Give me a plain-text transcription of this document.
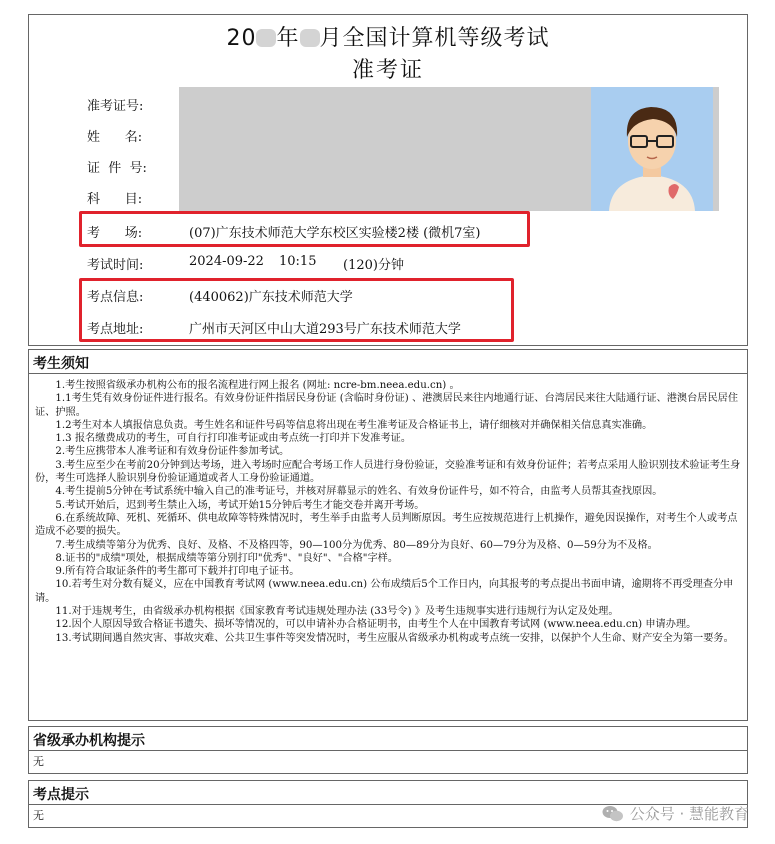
20 年 月全国计算机等级考试
准考证
准考证号:
姓      名:
证  件  号:
科      目:
考      场:	(07)广东技术师范大学东校区实验楼2楼 (微机7室)
考试时间:	2024-09-22 10:15 (120)分钟
考点信息:	(440062)广东技术师范大学
考点地址:	广州市天河区中山大道293号广东技术师范大学
考生须知

1.考生按照省级承办机构公布的报名流程进行网上报名 (网址: ncre-bm.neea.edu.cn) 。

1.1考生凭有效身份证件进行报名。有效身份证件指居民身份证 (含临时身份证) 、港澳居民来往内地通行证、台湾居民来往大陆通行证、港澳台居民居住证、护照。

1.2考生对本人填报信息负责。考生姓名和证件号码等信息将出现在考生准考证及合格证书上，请仔细核对并确保相关信息真实准确。

1.3 报名缴费成功的考生，可自行打印准考证或由考点统一打印并下发准考证。

2.考生应携带本人准考证和有效身份证件参加考试。

3.考生应至少在考前20分钟到达考场，进入考场时应配合考场工作人员进行身份验证，交验准考证和有效身份证件；若考点采用人脸识别技术验证考生身份，考生可选择人脸识别身份验证通道或者人工身份验证通道。

4.考生提前5分钟在考试系统中输入自己的准考证号，并核对屏幕显示的姓名、有效身份证件号，如不符合，由监考人员帮其查找原因。

5.考试开始后，迟到考生禁止入场，考试开始15分钟后考生才能交卷并离开考场。

6.在系统故障、死机、死循环、供电故障等特殊情况时，考生举手由监考人员判断原因。考生应按规范进行上机操作，避免因误操作，对考生个人或考点造成不必要的损失。

7.考生成绩等第分为优秀、良好、及格、不及格四等，90—100分为优秀、80—89分为良好、60—79分为及格、0—59分为不及格。

8.证书的"成绩"项处，根据成绩等第分别打印"优秀"、"良好"、"合格"字样。

9.所有符合取证条件的考生都可下载并打印电子证书。

10.若考生对分数有疑义，应在中国教育考试网 (www.neea.edu.cn) 公布成绩后5个工作日内，向其报考的考点提出书面申请，逾期将不再受理查分申请。

11.对于违规考生，由省级承办机构根据《国家教育考试违规处理办法 (33号令) 》及考生违规事实进行违规行为认定及处理。

12.因个人原因导致合格证书遗失、损坏等情况的，可以申请补办合格证明书，由考生个人在中国教育考试网 (www.neea.edu.cn) 申请办理。

13.考试期间遇自然灾害、事故灾难、公共卫生事件等突发情况时，考生应服从省级承办机构或考点统一安排，以保护个人生命、财产安全为第一要务。

省级承办机构提示
无
考点提示
无	公众号 · 慧能教育
